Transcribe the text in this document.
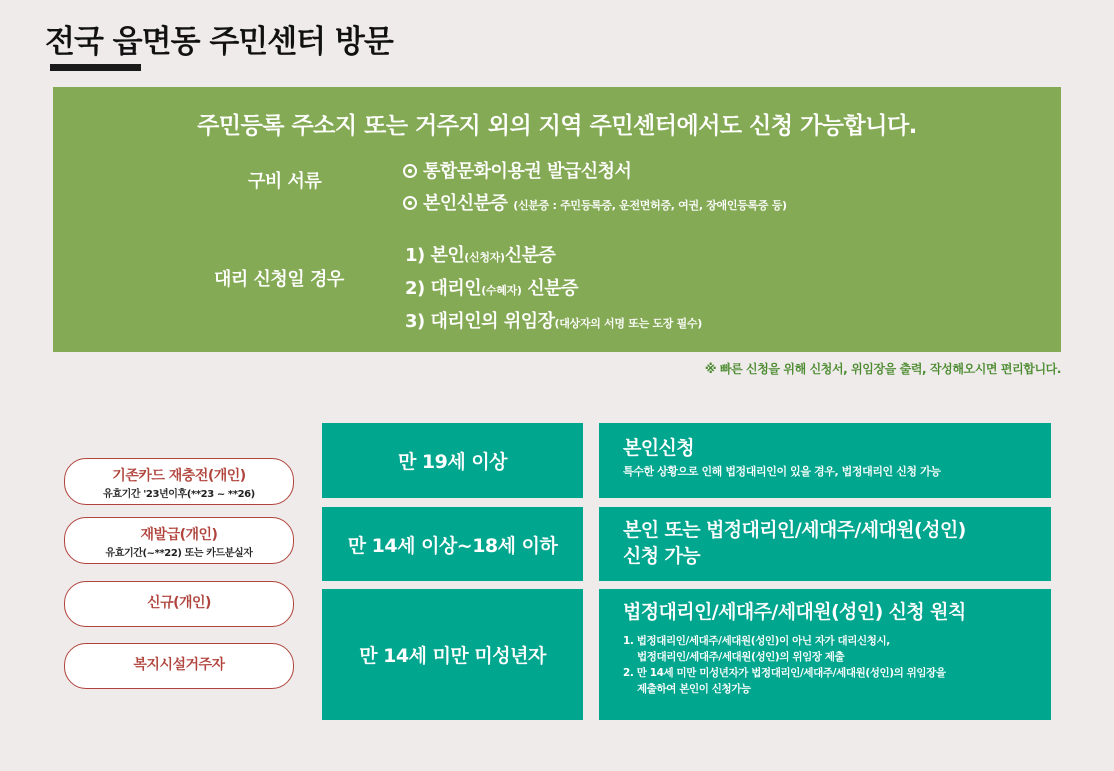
전국 읍면동 주민센터 방문
주민등록 주소지 또는 거주지 외의 지역 주민센터에서도 신청 가능합니다.
구비 서류	통합문화이용권 발급신청서
본인신분증 (신분증 : 주민등록증, 운전면허증, 여권, 장애인등록증 등)
대리 신청일 경우
1) 본인(신청자)신분증
2) 대리인(수혜자) 신분증
3) 대리인의 위임장(대상자의 서명 또는 도장 필수)
※ 빠른 신청을 위해 신청서, 위임장을 출력, 작성해오시면 편리합니다.
기존카드 재충전(개인)
유효기간 '23년이후(**23 ~ **26)
재발급(개인)
유효기간(~**22) 또는 카드분실자
신규(개인)
복지시설거주자
만 19세 이상
만 14세 이상~18세 이하
만 14세 미만 미성년자
본인신청
특수한 상황으로 인해 법정대리인이 있을 경우, 법정대리인 신청 가능
본인 또는 법정대리인/세대주/세대원(성인)
신청 가능
법정대리인/세대주/세대원(성인) 신청 원칙
1. 법정대리인/세대주/세대원(성인)이 아닌 자가 대리신청시,
법정대리인/세대주/세대원(성인)의 위임장 제출
2. 만 14세 미만 미성년자가 법정대리인/세대주/세대원(성인)의 위임장을
제출하여 본인이 신청가능
